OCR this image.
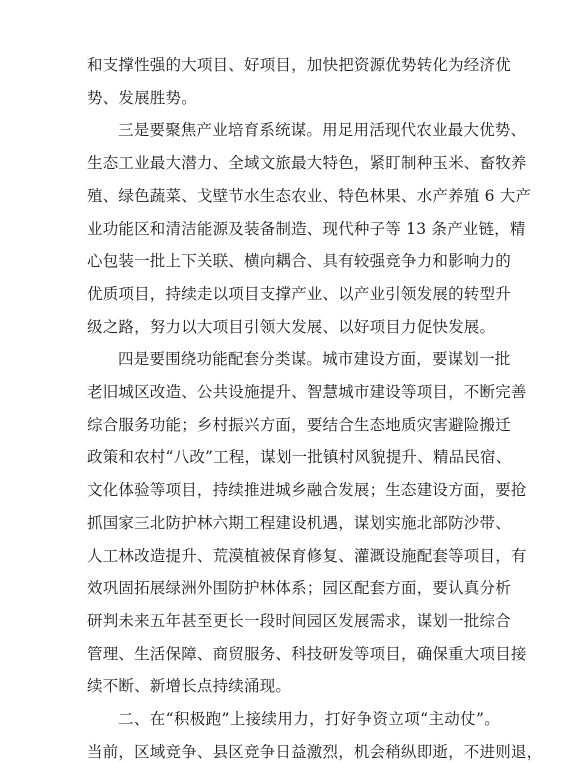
和支撑性强的大项目、好项目，加快把资源优势转化为经济优

势、发展胜势。

三是要聚焦产业培育系统谋。用足用活现代农业最大优势、

生态工业最大潜力、全域文旅最大特色，紧盯制种玉米、畜牧养

殖、绿色蔬菜、戈壁节水生态农业、特色林果、水产养殖 6 大产

业功能区和清洁能源及装备制造、现代种子等 13 条产业链，精

心包装一批上下关联、横向耦合、具有较强竞争力和影响力的

优质项目，持续走以项目支撑产业、以产业引领发展的转型升

级之路，努力以大项目引领大发展、以好项目力促快发展。

四是要围绕功能配套分类谋。城市建设方面，要谋划一批

老旧城区改造、公共设施提升、智慧城市建设等项目，不断完善

综合服务功能；乡村振兴方面，要结合生态地质灾害避险搬迁

政策和农村“八改”工程，谋划一批镇村风貌提升、精品民宿、

文化体验等项目，持续推进城乡融合发展；生态建设方面，要抢

抓国家三北防护林六期工程建设机遇，谋划实施北部防沙带、

人工林改造提升、荒漠植被保育修复、灌溉设施配套等项目，有

效巩固拓展绿洲外围防护林体系；园区配套方面，要认真分析

研判未来五年甚至更长一段时间园区发展需求，谋划一批综合

管理、生活保障、商贸服务、科技研发等项目，确保重大项目接

续不断、新增长点持续涌现。

二、在“积极跑”上接续用力，打好争资立项“主动仗”。

当前，区域竞争、县区竞争日益激烈，机会稍纵即逝，不进则退，
